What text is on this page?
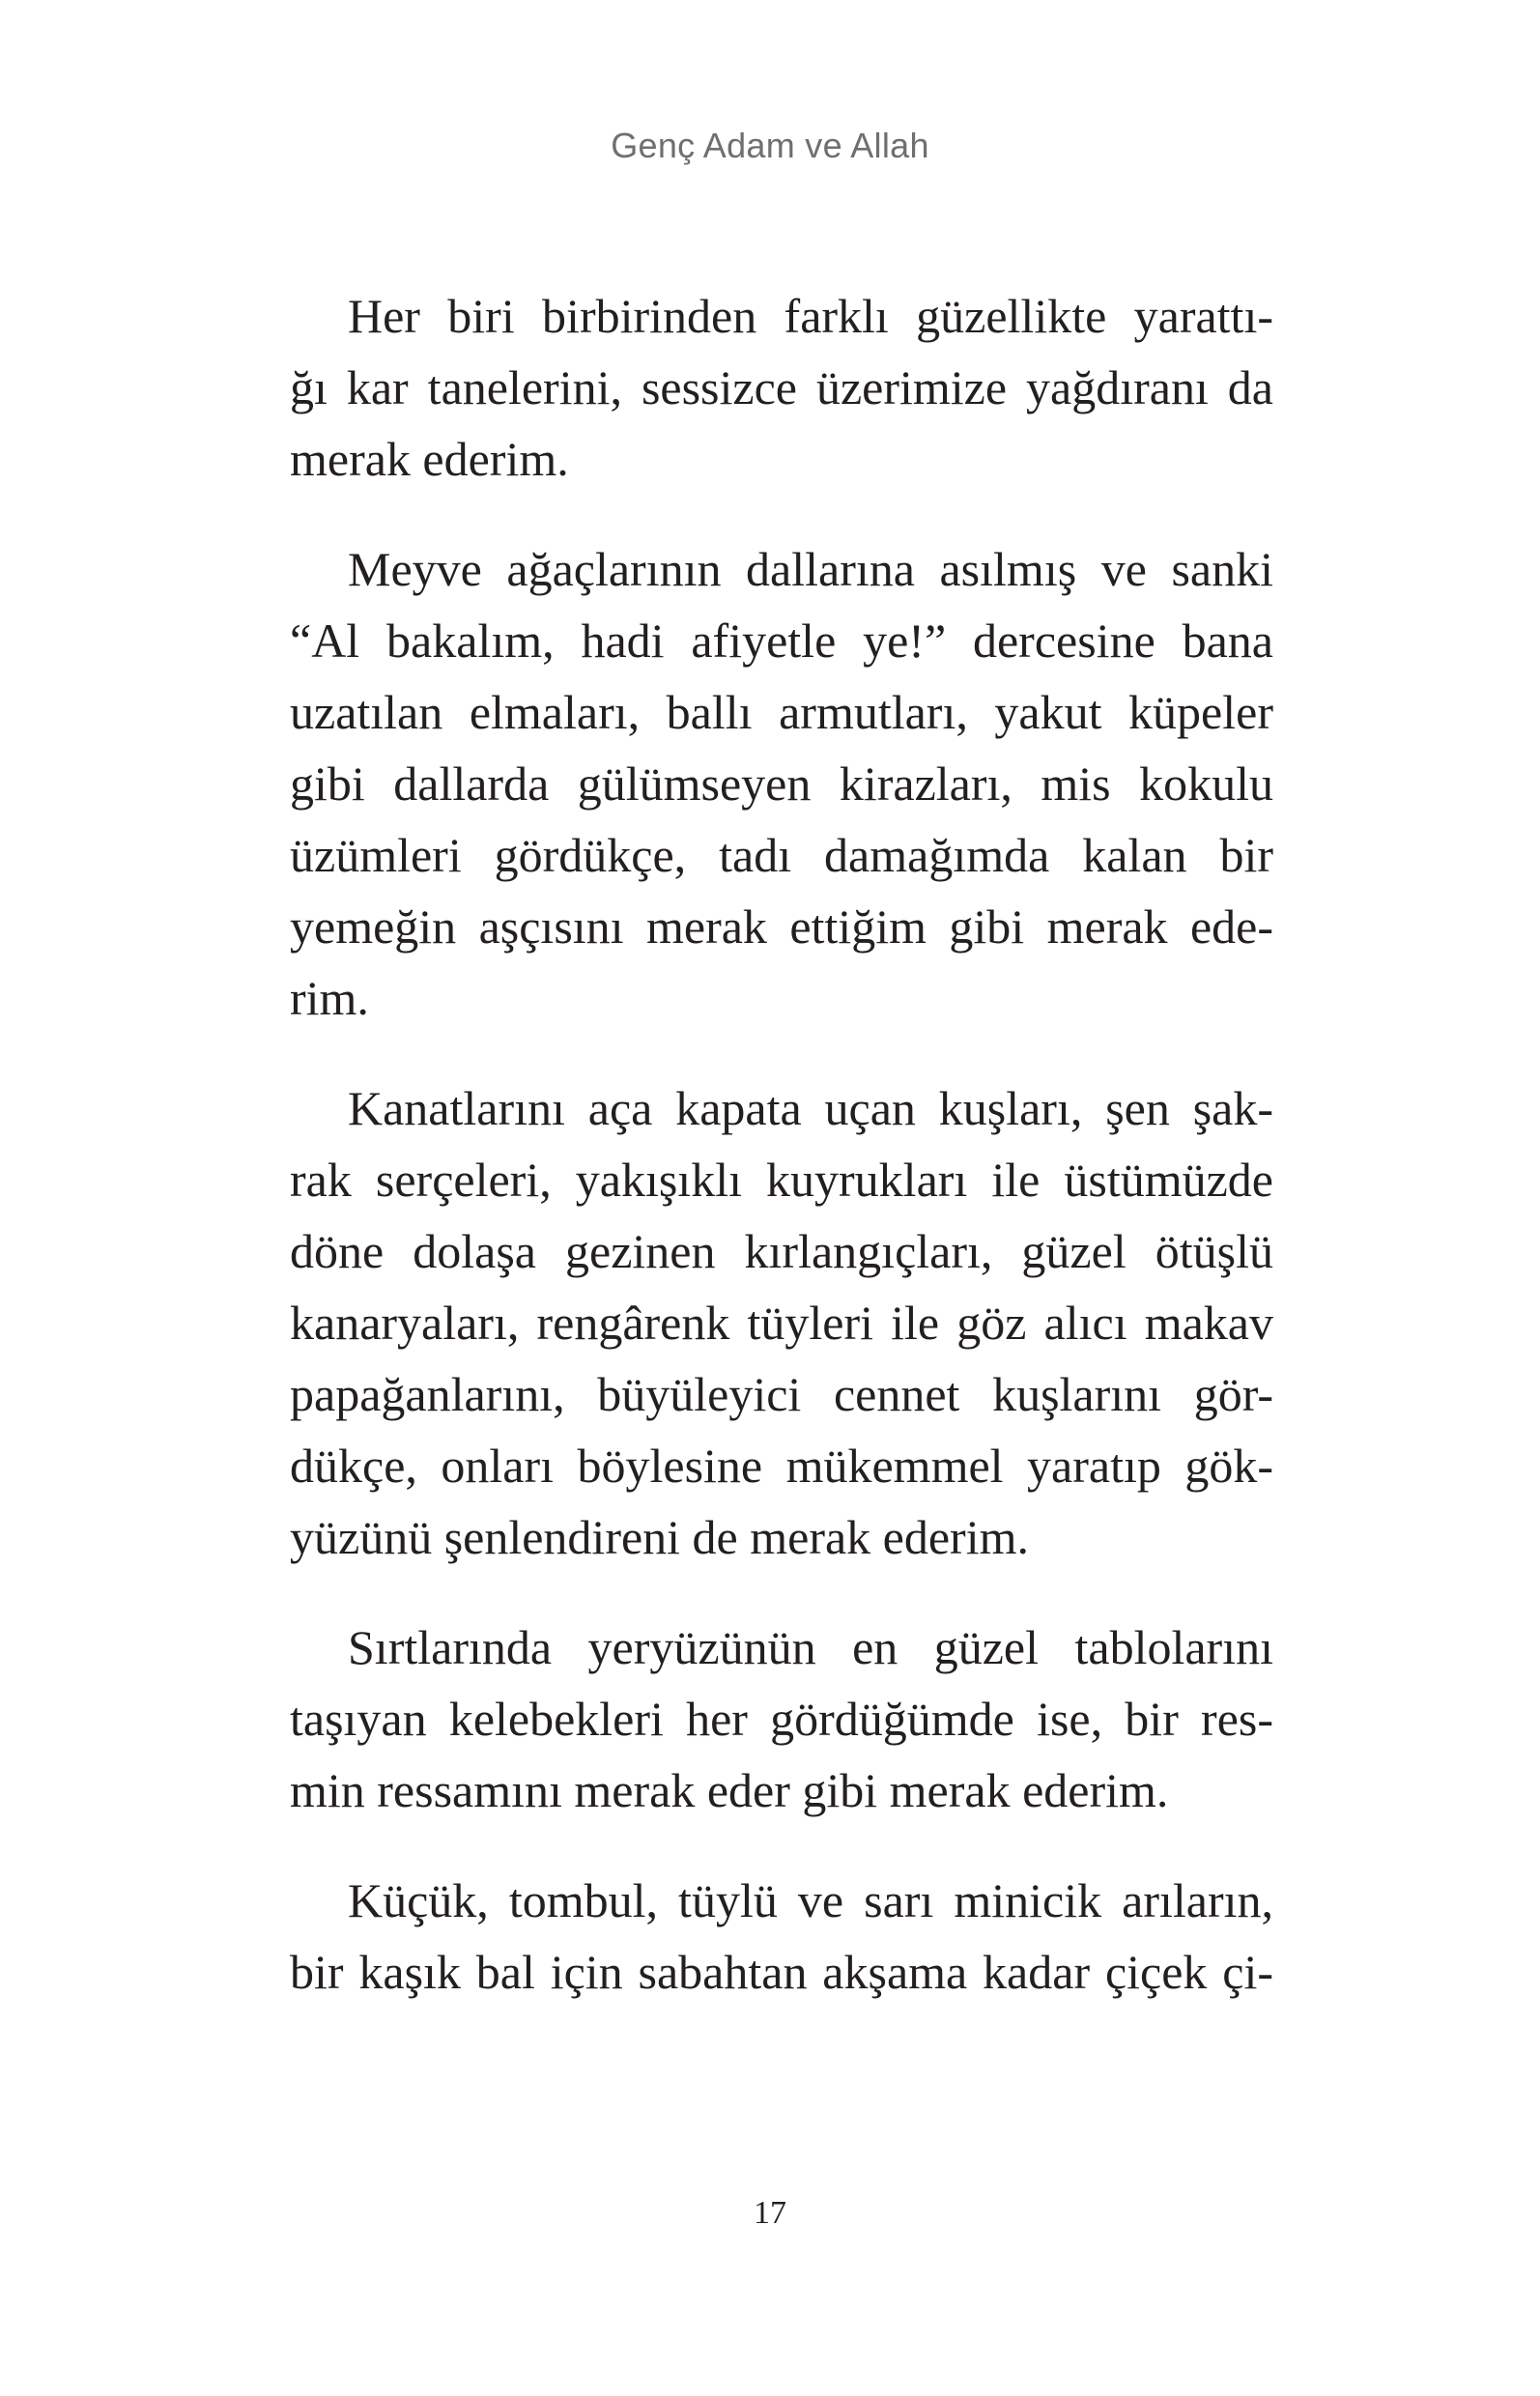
Genç Adam ve Allah

Her biri birbirinden farklı güzellikte yarattı-
ğı kar tanelerini, sessizce üzerimize yağdıranı da
merak ederim.

Meyve ağaçlarının dallarına asılmış ve sanki
“Al bakalım, hadi afiyetle ye!” dercesine bana
uzatılan elmaları, ballı armutları, yakut küpeler
gibi dallarda gülümseyen kirazları, mis kokulu
üzümleri gördükçe, tadı damağımda kalan bir
yemeğin aşçısını merak ettiğim gibi merak ede-
rim.

Kanatlarını aça kapata uçan kuşları, şen şak-
rak serçeleri, yakışıklı kuyrukları ile üstümüzde
döne dolaşa gezinen kırlangıçları, güzel ötüşlü
kanaryaları, rengârenk tüyleri ile göz alıcı makav
papağanlarını, büyüleyici cennet kuşlarını gör-
dükçe, onları böylesine mükemmel yaratıp gök-
yüzünü şenlendireni de merak ederim.

Sırtlarında yeryüzünün en güzel tablolarını
taşıyan kelebekleri her gördüğümde ise, bir res-
min ressamını merak eder gibi merak ederim.

Küçük, tombul, tüylü ve sarı minicik arıların,
bir kaşık bal için sabahtan akşama kadar çiçek çi-

17
